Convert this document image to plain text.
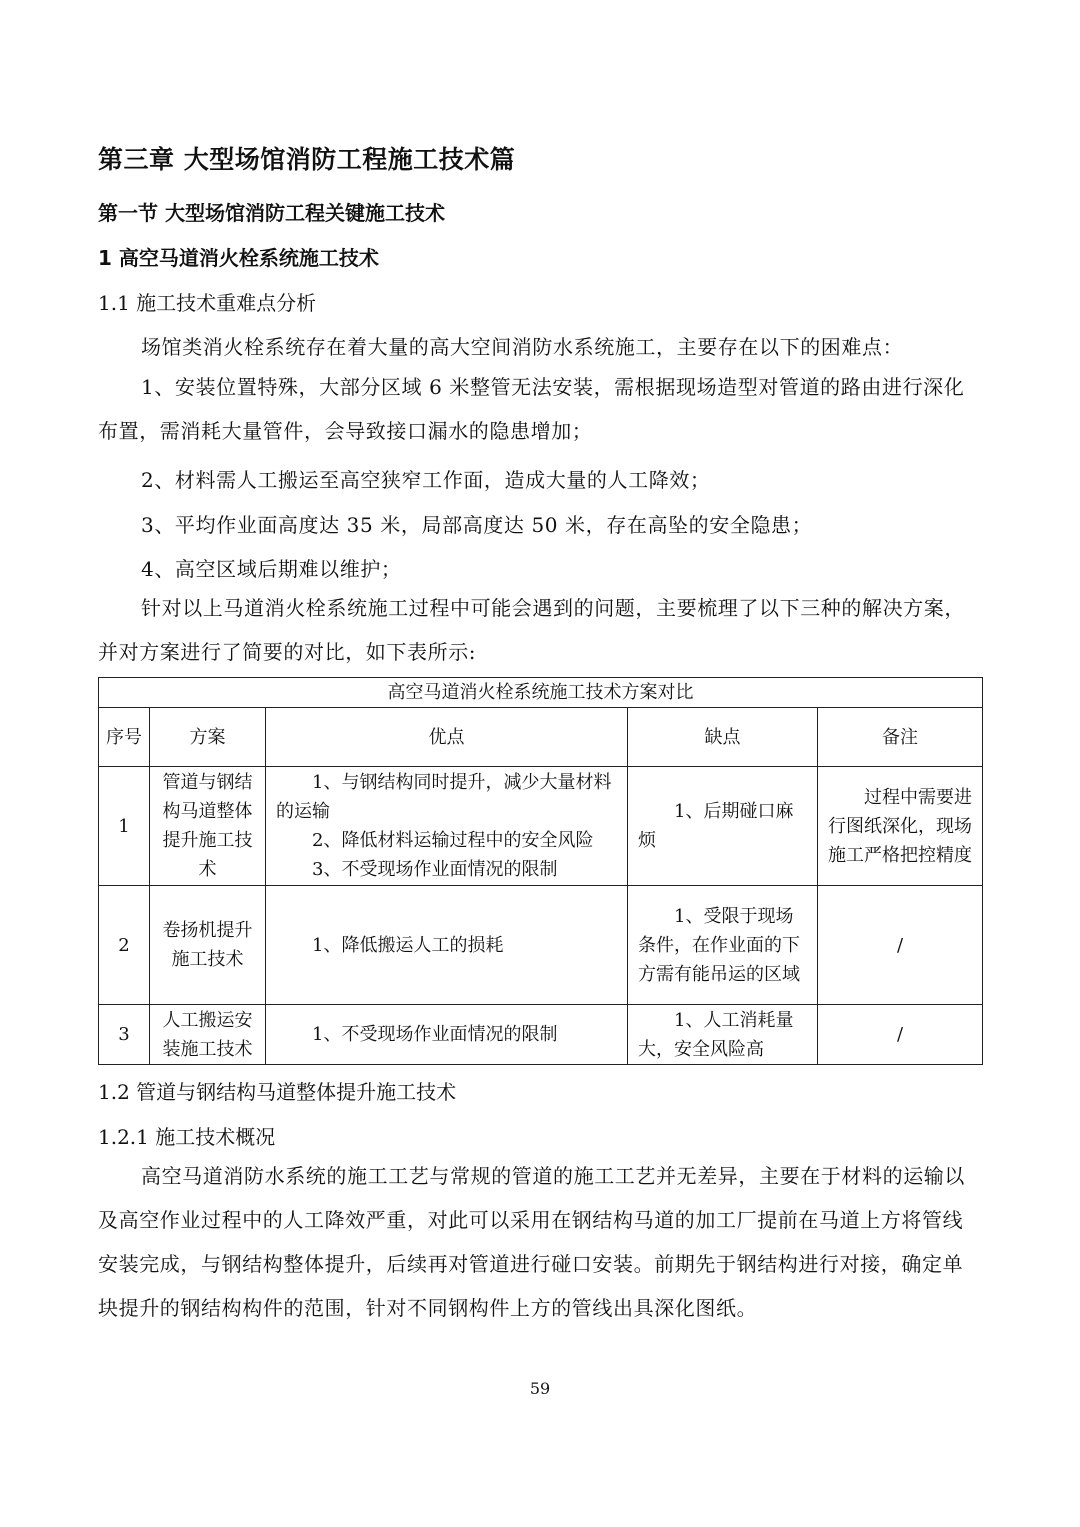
第三章 大型场馆消防工程施工技术篇
第一节 大型场馆消防工程关键施工技术
1 高空马道消火栓系统施工技术
1.1 施工技术重难点分析
场馆类消火栓系统存在着大量的高大空间消防水系统施工，主要存在以下的困难点：
1、安装位置特殊，大部分区域 6 米整管无法安装，需根据现场造型对管道的路由进行深化布置，需消耗大量管件，会导致接口漏水的隐患增加；
2、材料需人工搬运至高空狭窄工作面，造成大量的人工降效；
3、平均作业面高度达 35 米，局部高度达 50 米，存在高坠的安全隐患；
4、高空区域后期难以维护；
针对以上马道消火栓系统施工过程中可能会遇到的问题，主要梳理了以下三种的解决方案，并对方案进行了简要的对比，如下表所示:
高空马道消火栓系统施工技术方案对比				
序号	方案	优点	缺点	备注
1	管道与钢结构马道整体提升施工技术	1、与钢结构同时提升，减少大量材料的运输
2、降低材料运输过程中的安全风险
3、不受现场作业面情况的限制	1、后期碰口麻烦	过程中需要进行图纸深化，现场施工严格把控精度
2	卷扬机提升施工技术	1、降低搬运人工的损耗	1、受限于现场条件，在作业面的下方需有能吊运的区域	/
3	人工搬运安装施工技术	1、不受现场作业面情况的限制	1、人工消耗量大，安全风险高	/
1.2 管道与钢结构马道整体提升施工技术
1.2.1 施工技术概况
高空马道消防水系统的施工工艺与常规的管道的施工工艺并无差异，主要在于材料的运输以及高空作业过程中的人工降效严重，对此可以采用在钢结构马道的加工厂提前在马道上方将管线安装完成，与钢结构整体提升，后续再对管道进行碰口安装。前期先于钢结构进行对接，确定单块提升的钢结构构件的范围，针对不同钢构件上方的管线出具深化图纸。
59
